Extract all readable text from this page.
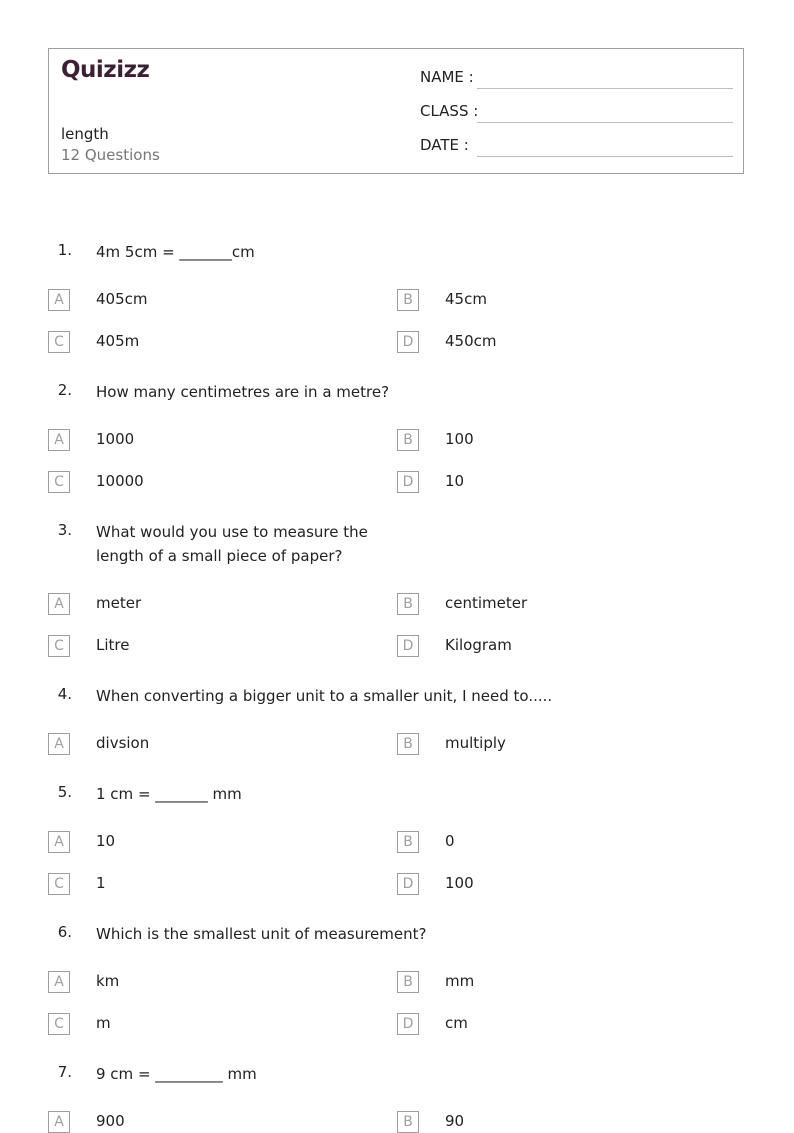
Quizizz
length
12 Questions
NAME :
CLASS :
DATE :
1. 4m 5cm = _______cm
A	405cm	B	45cm
C	405m	D	450cm
2. How many centimetres are in a metre?
A	1000	B	100
C	10000	D	10
3. What would you use to measure the length of a small piece of paper?
A	meter	B	centimeter
C	Litre	D	Kilogram
4. When converting a bigger unit to a smaller unit, I need to.....
A	divsion	B	multiply
5. 1 cm = _______ mm
A	10	B	0
C	1	D	100
6. Which is the smallest unit of measurement?
A	km	B	mm
C	m	D	cm
7. 9 cm = _________ mm
A	900	B	90
